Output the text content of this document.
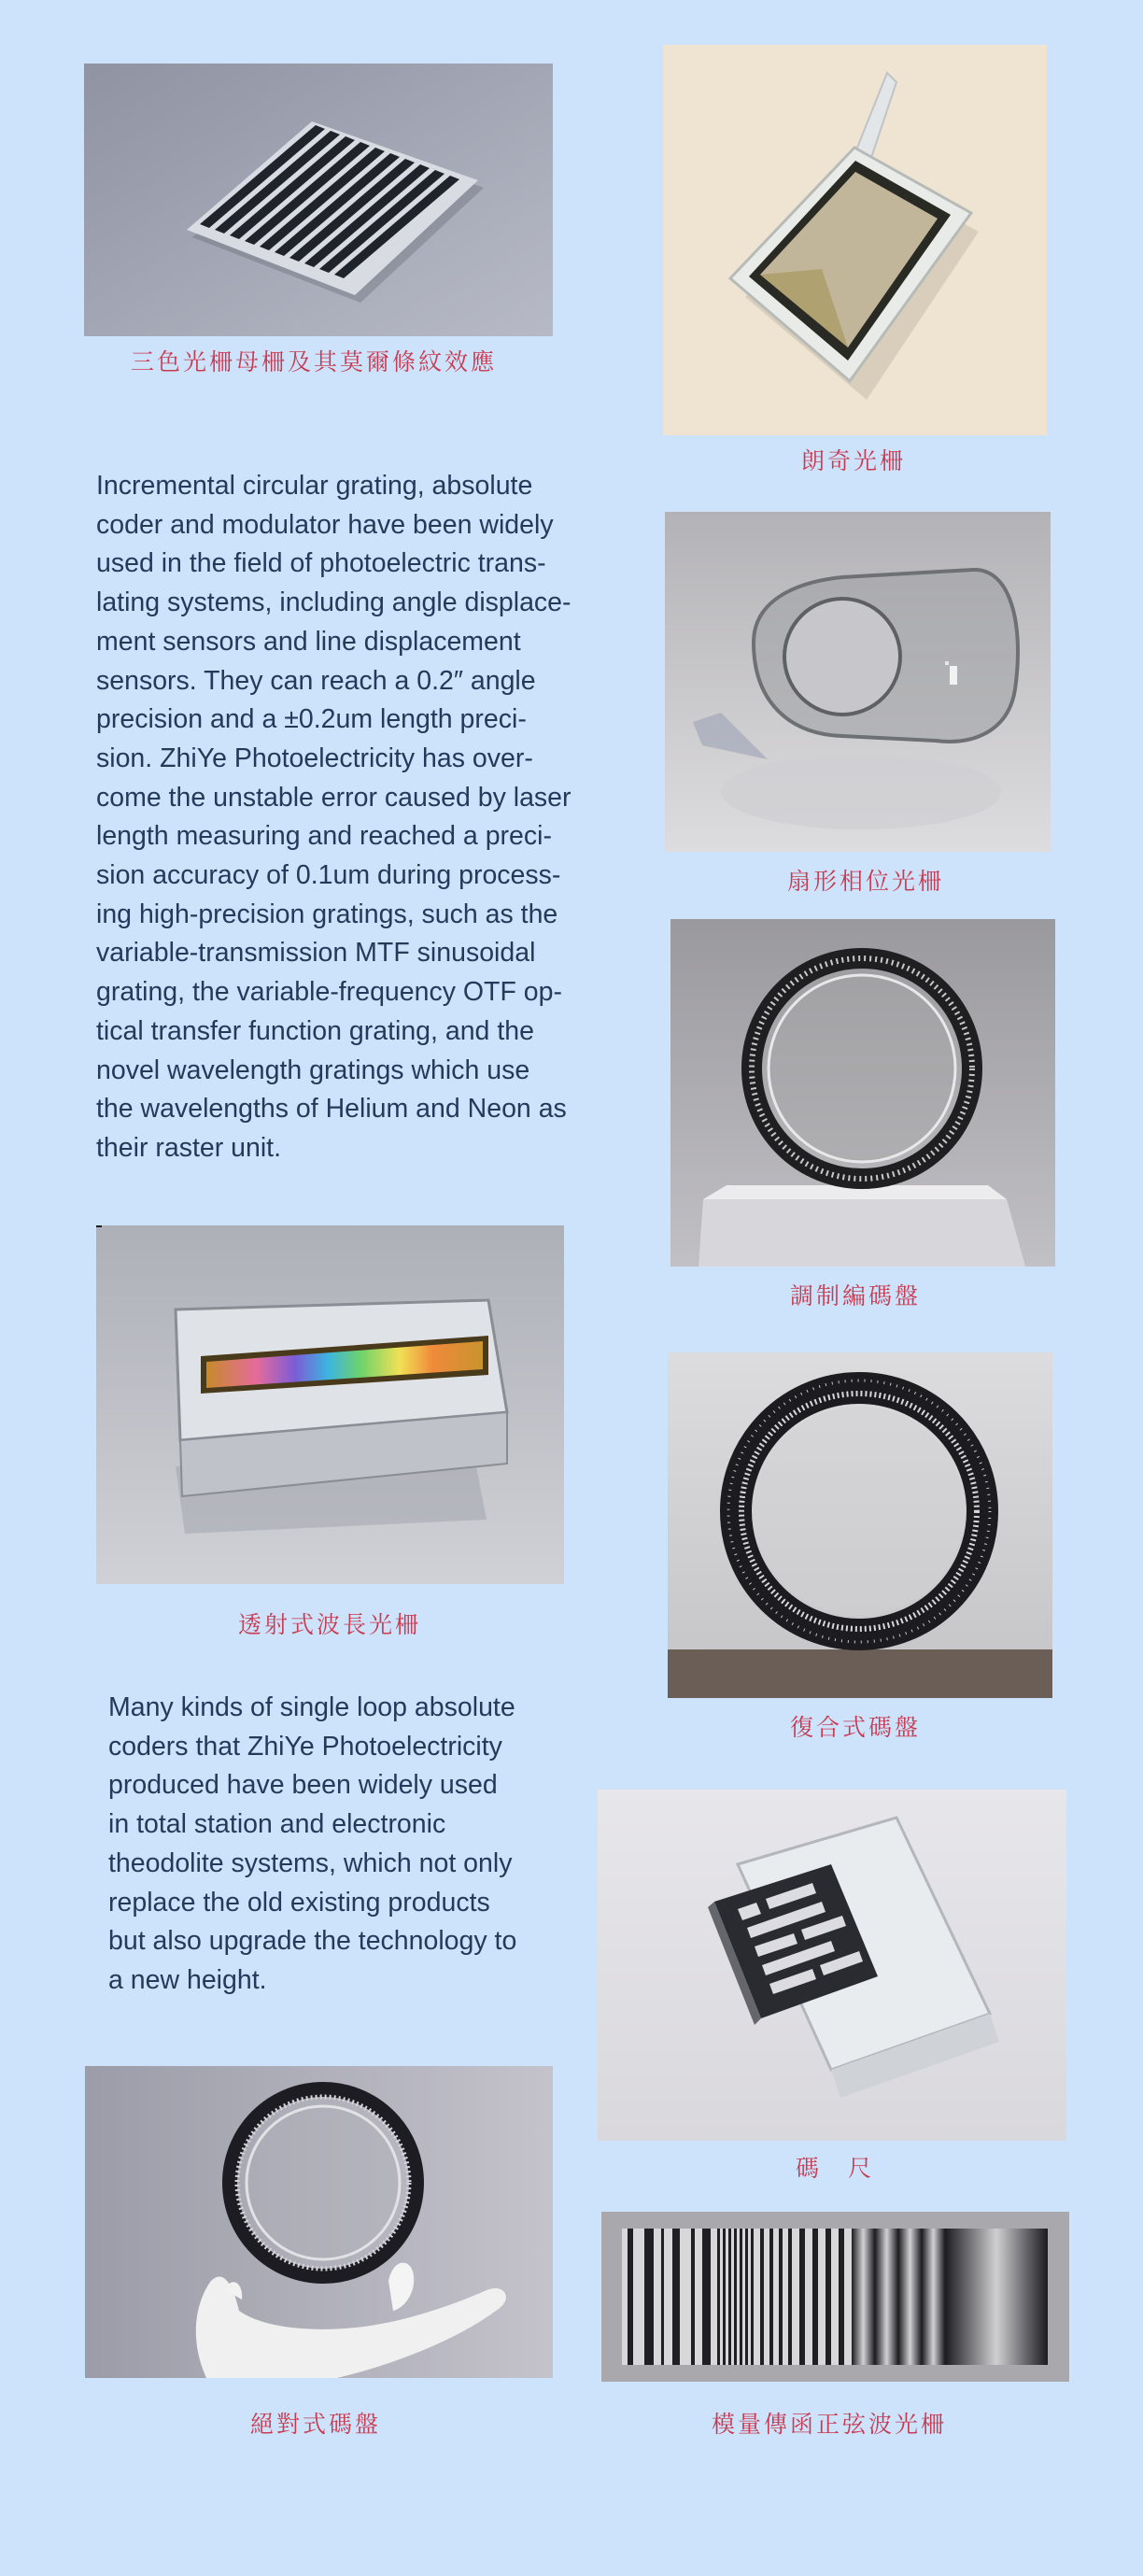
三色光柵母柵及其莫爾條紋效應
朗奇光柵
Incremental circular grating, absolute
coder and modulator have been widely
used in the field of photoelectric trans-
lating systems, including angle displace-
ment sensors and line displacement
sensors. They can reach a 0.2″ angle
precision and a ±0.2um length preci-
sion. ZhiYe Photoelectricity has over-
come the unstable error caused by laser
length measuring and reached a preci-
sion accuracy of 0.1um during process-
ing high-precision gratings, such as the
variable-transmission MTF sinusoidal
grating, the variable-frequency OTF op-
tical transfer function grating, and the
novel wavelength gratings which use
the wavelengths of Helium and Neon as
their raster unit.
扇形相位光柵
調制編碼盤
透射式波長光柵
復合式碼盤
Many kinds of single loop absolute
coders that ZhiYe Photoelectricity
produced have been widely used
in total station and electronic
theodolite systems, which not only
replace the old existing products
but also upgrade the technology to
a new height.
碼　尺
絕對式碼盤	模量傳函正弦波光柵
